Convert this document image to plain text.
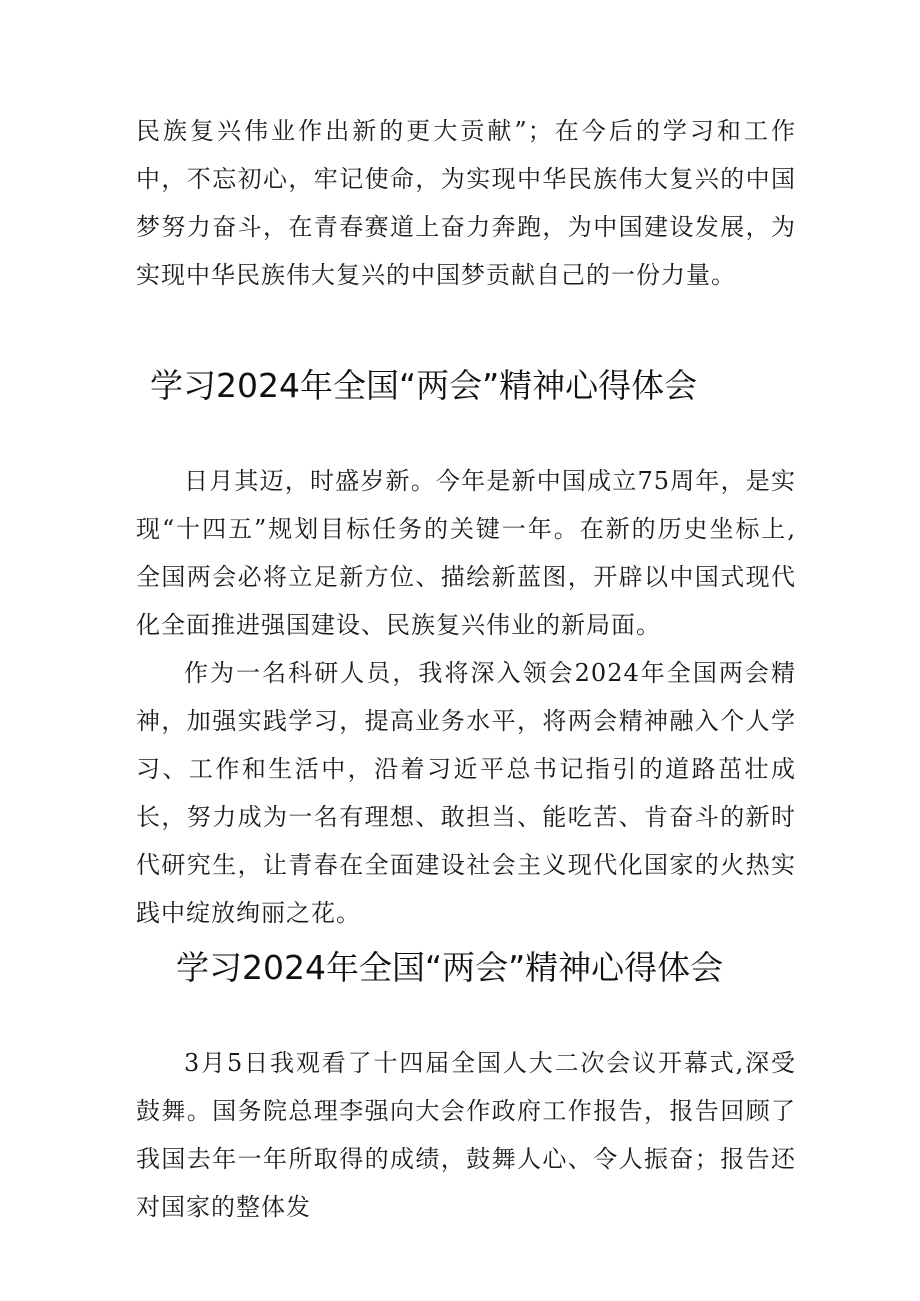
民族复兴伟业作出新的更大贡献”；在今后的学习和工作中，不忘初心，牢记使命，为实现中华民族伟大复兴的中国梦努力奋斗，在青春赛道上奋力奔跑，为中国建设发展，为实现中华民族伟大复兴的中国梦贡献自己的一份力量。

学习2024年全国“两会”精神心得体会

日月其迈，时盛岁新。今年是新中国成立75周年，是实现“十四五”规划目标任务的关键一年。在新的历史坐标上,全国两会必将立足新方位、描绘新蓝图，开辟以中国式现代化全面推进强国建设、民族复兴伟业的新局面。

作为一名科研人员，我将深入领会2024年全国两会精神，加强实践学习，提高业务水平，将两会精神融入个人学习、工作和生活中，沿着习近平总书记指引的道路茁壮成长，努力成为一名有理想、敢担当、能吃苦、肯奋斗的新时代研究生，让青春在全面建设社会主义现代化国家的火热实践中绽放绚丽之花。

学习2024年全国“两会”精神心得体会

3月5日我观看了十四届全国人大二次会议开幕式,深受鼓舞。国务院总理李强向大会作政府工作报告，报告回顾了我国去年一年所取得的成绩，鼓舞人心、令人振奋；报告还对国家的整体发
